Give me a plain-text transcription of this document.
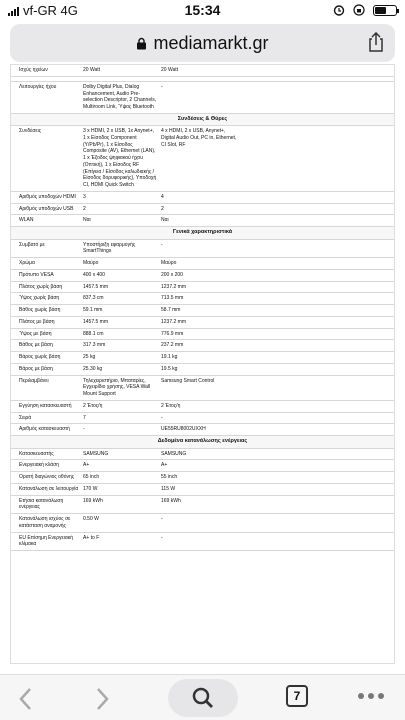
vf-GR 4G	15:34
mediamarkt.gr
Ισχύς ηχείων	20 Watt	20 Watt	

Λειτουργίες ήχου	Dolby Digital Plus, Dialog Enhancement, Audio Pre-selection Descriptor, 2 Channels, Multiroom Link, Ύψος Bluetooth	-	
Συνδέσεις & Θύρες			
Συνδέσεις	3 x HDMI, 2 x USB, 1x Anynet+, 1 x Είσοδος Component (Y/Pb/Pr), 1 x Είσοδος Composite (AV), Ethernet (LAN), 1 x Έξοδος ψηφιακού ήχου (Οπτική), 1 x Είσοδος RF (Επίγεια / Είσοδος καλωδιακής / Είσοδος δορυφορικής), Υποδοχή CI, HDMI Quick Switch	4 x HDMI, 2 x USB, Anynet+, Digital Audio Out, PC in, Ethernet, CI Slot, RF	
Αριθμός υποδοχών HDMI	3	4	
Αριθμός υποδοχών USB	2	2	
WLAN	Ναι	Ναι	
Γενικά χαρακτηριστικά			
Συμβατό με	Υποστήριξη εφαρμογής SmartThings	-	
Χρώμα	Μαύρο	Μαύρο	
Πρότυπο VESA	400 x 400	200 x 200	
Πλάτος χωρίς βάση	1457.5 mm	1237.2 mm	
Ύψος χωρίς βάση	837.3 cm	713.5 mm	
Βάθος χωρίς βάση	59.1 mm	58.7 mm	
Πλάτος με βάση	1457.5 mm	1237.2 mm	
Ύψος με βάση	888.1 cm	776.9 mm	
Βάθος με βάση	317.3 mm	237.2 mm	
Βάρος χωρίς βάση	25 kg	19.1 kg	
Βάρος με βάση	25.30 kg	19.5 kg	
Περιλαμβάνει	Τηλεχειριστήριο, Μπαταρίες, Εγχειρίδιο χρήσης, VESA Wall Mount Support	Samsung Smart Control	
Εγγύηση κατασκευαστή	2 Έτος/η	2 Έτος/η	
Σειρά	7	-	
Αριθμός κατασκευαστή	-	UE55RU8002UXXH	
Δεδομένα κατανάλωσης ενέργειας			
Κατασκευαστής	SAMSUNG	SAMSUNG	
Ενεργειακή κλάση	A+	A+	
Ορατή διαγώνιος οθόνης	65 inch	55 inch	
Κατανάλωση σε λειτουργία	170 W	115 W	
Ετήσια κατανάλωση ενέργειας	169 kWh	169 kWh	
Κατανάλωση ισχύος σε κατάσταση αναμονής	0.50 W	-	
EU Επίσημη Ενεργειακή κλίμακα	A+ to F	-	
7
